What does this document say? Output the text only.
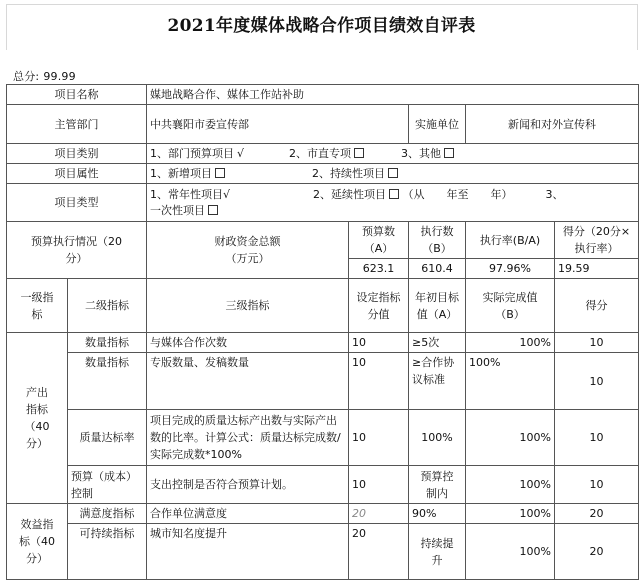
2021年度媒体战略合作项目绩效自评表
总分: 99.99
项目名称		媒地战略合作、媒体工作站补助				
主管部门		中共襄阳市委宣传部		实施单位	新闻和对外宣传科	
项目类别		1、部门预算项目 √ 2、市直专项 3、其他				
项目属性		1、新增项目 2、持续性项目				
项目类型		1、常年性项目√ 2、延续性项目 （从　　年至　　年） 3、
一次性项目				
预算执行情况（20分）		财政资金总额（万元）	预算数（A）	执行数（B）	执行率(B/A)	得分（20分×执行率）
			623.1	610.4	97.96%	19.59
一级指标	二级指标	三级指标	设定指标分值	年初目标值（A）	实际完成值（B）	得分
产出指标（40分）	数量指标	与媒体合作次数	10	≥5次	100%	10
	数量指标	专版数量、发稿数量	10	≥合作协议标准	100%	10
	质量达标率	项目完成的质量达标产出数与实际产出数的比率。计算公式：质量达标完成数/实际完成数*100%	10	100%	100%	10
	预算（成本）控制	支出控制是否符合预算计划。	10	预算控制内	100%	10
效益指标（40分）	满意度指标	合作单位满意度	20	90%	100%	20
	可持续指标	城市知名度提升	20	持续提升	100%	20
